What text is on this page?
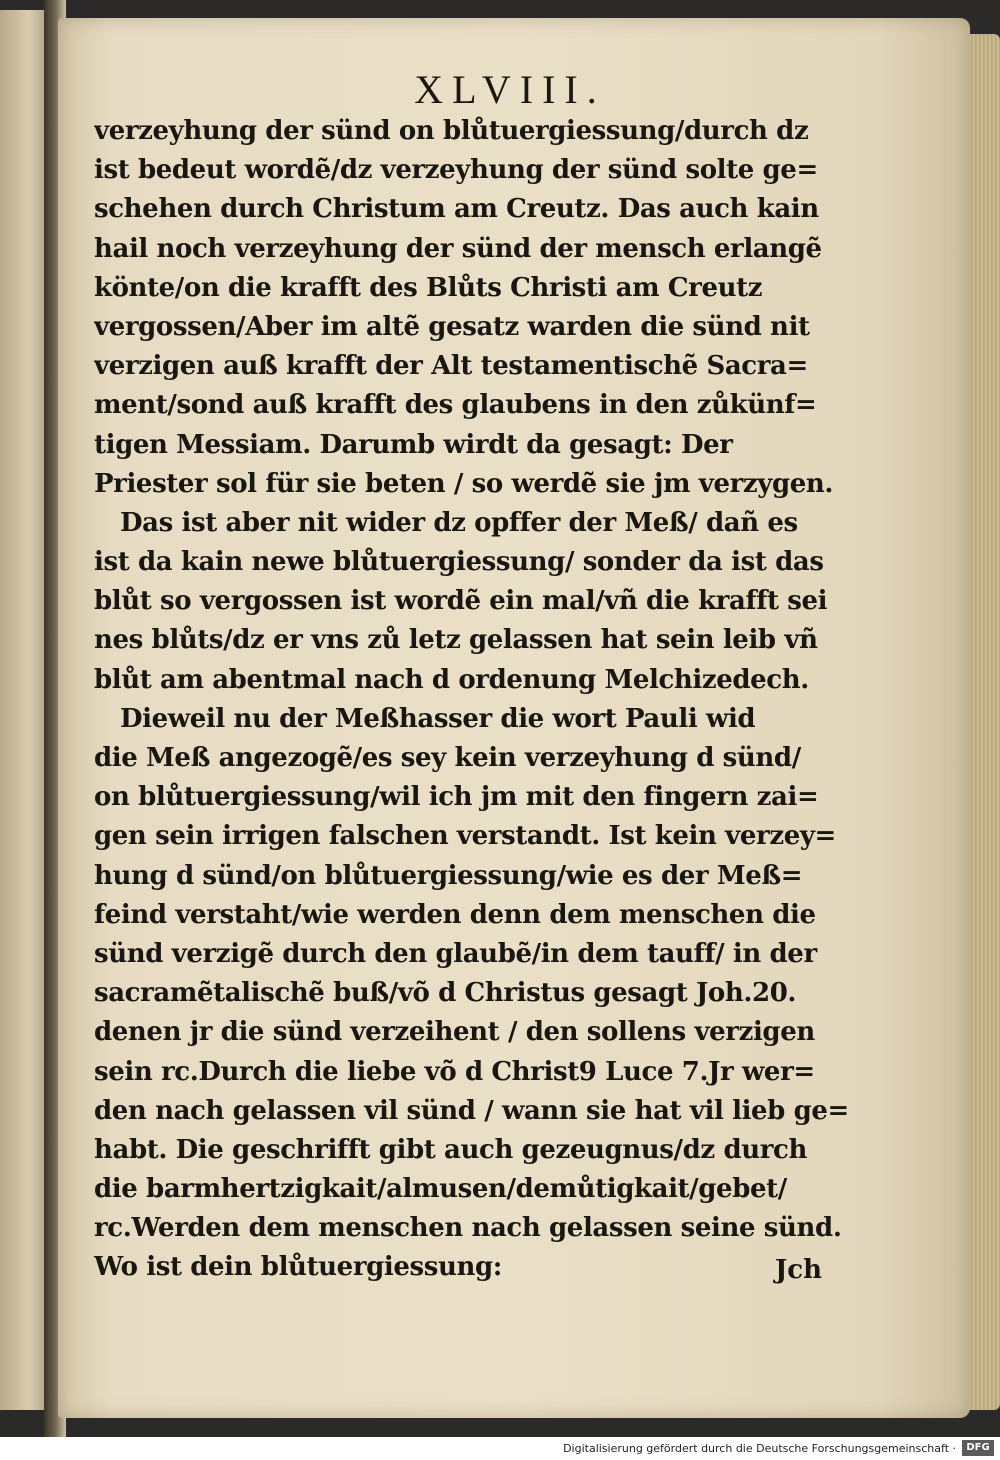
XLVIII.
verzeyhung der sünd on blůtuergiessung/durch dz
ist bedeut wordẽ/dz verzeyhung der sünd solte ge=
schehen durch Christum am Creutz. Das auch kain
hail noch verzeyhung der sünd der mensch erlangẽ
könte/on die krafft des Blůts Christi am Creutz
vergossen/Aber im altẽ gesatz warden die sünd nit
verzigen auß krafft der Alt testamentischẽ Sacra=
ment/sond auß krafft des glaubens in den zůkünf=
tigen Messiam. Darumb wirdt da gesagt: Der
Priester sol für sie beten / so werdẽ sie jm verzygen.
Das ist aber nit wider dz opffer der Meß/ dañ es
ist da kain newe blůtuergiessung/ sonder da ist das
blůt so vergossen ist wordẽ ein mal/vñ die krafft sei
nes blůts/dz er vns zů letz gelassen hat sein leib vñ
blůt am abentmal nach d ordenung Melchizedech.
Dieweil nu der Meßhasser die wort Pauli wid
die Meß angezogẽ/es sey kein verzeyhung d sünd/
on blůtuergiessung/wil ich jm mit den fingern zai=
gen sein irrigen falschen verstandt. Ist kein verzey=
hung d sünd/on blůtuergiessung/wie es der Meß=
feind verstaht/wie werden denn dem menschen die
sünd verzigẽ durch den glaubẽ/in dem tauff/ in der
sacramẽtalischẽ buß/võ d Christus gesagt Joh.20.
denen jr die sünd verzeihent / den sollens verzigen
sein rc.Durch die liebe võ d Christ9 Luce 7.Jr wer=
den nach gelassen vil sünd / wann sie hat vil lieb ge=
habt. Die geschrifft gibt auch gezeugnus/dz durch
die barmhertzigkait/almusen/demůtigkait/gebet/
rc.Werden dem menschen nach gelassen seine sünd.
Wo ist dein blůtuergiessung:	Jch
Digitalisierung gefördert durch die Deutsche Forschungsgemeinschaft ·	DFG
